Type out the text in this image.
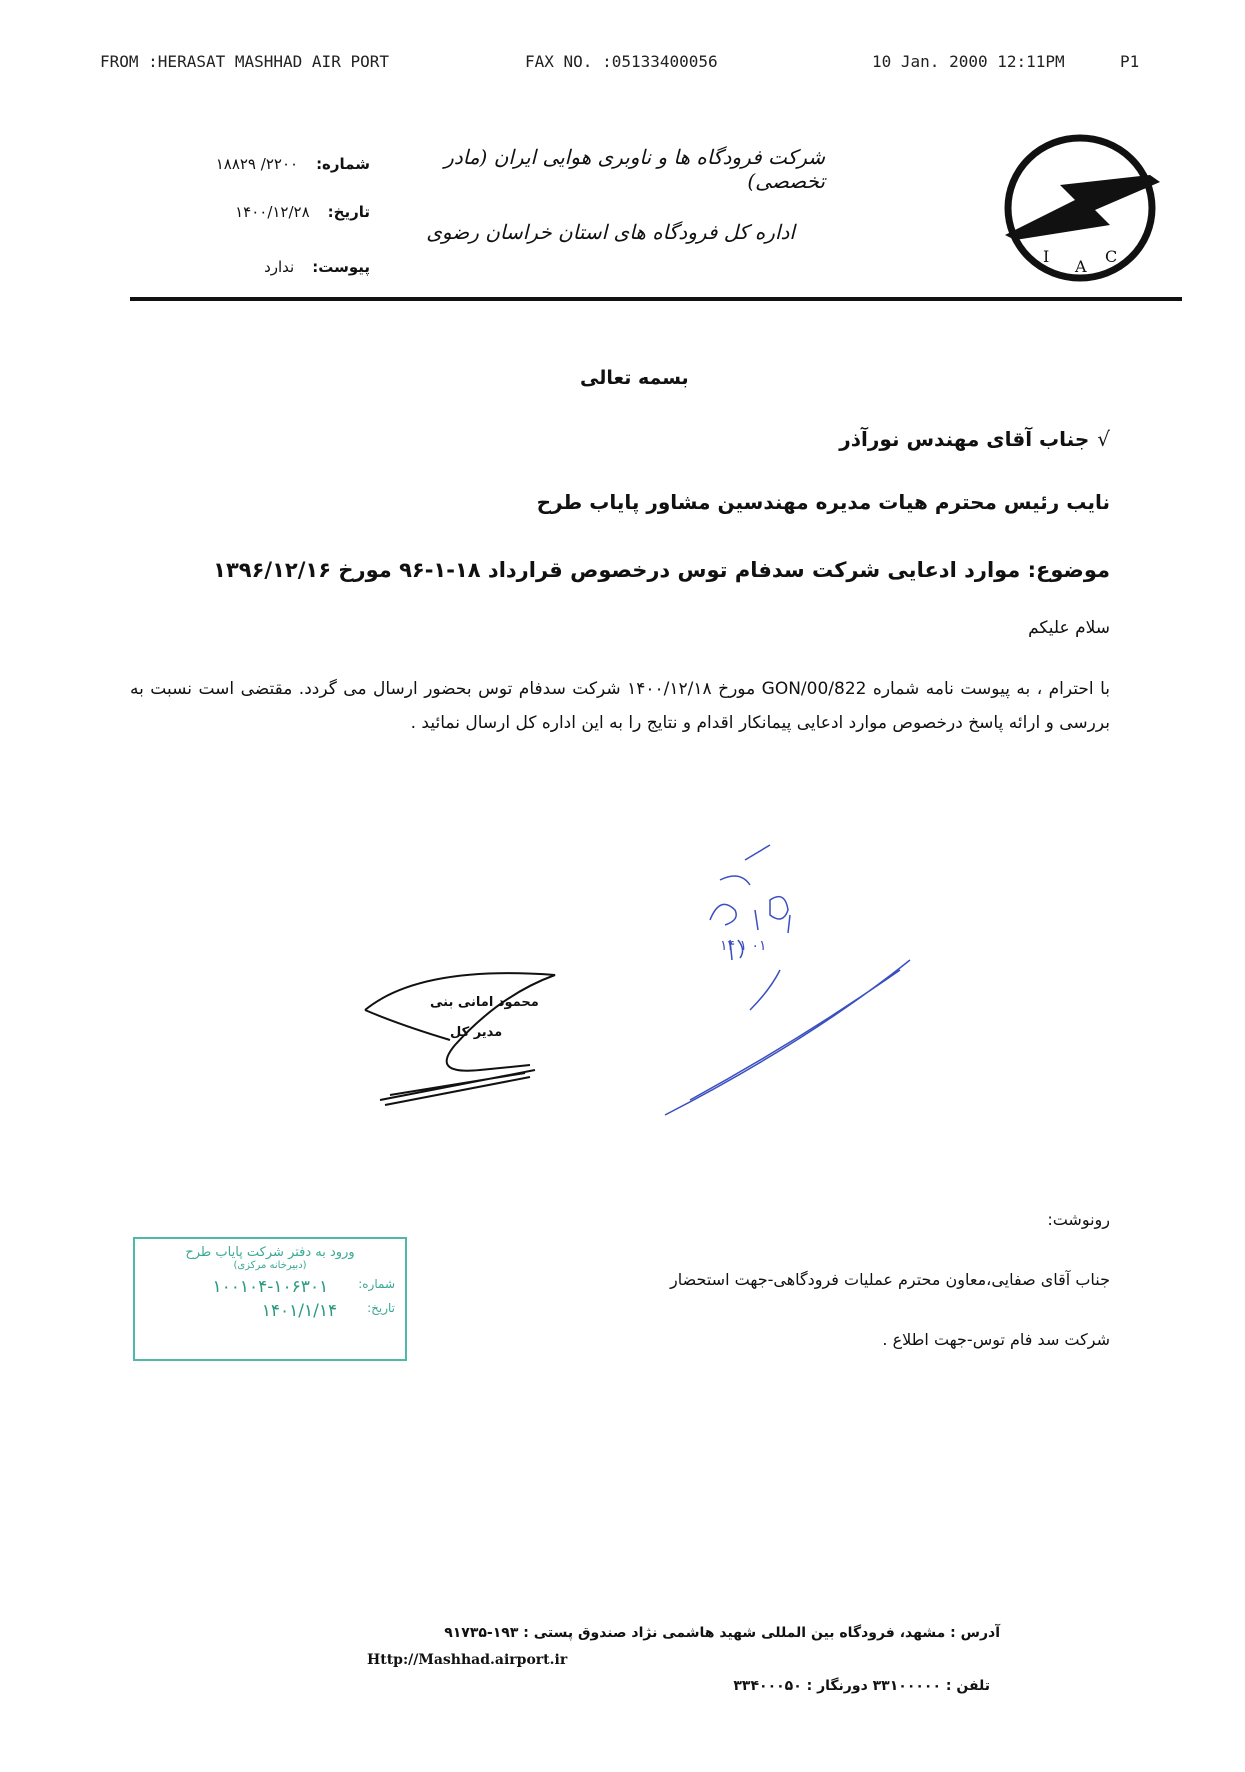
FROM :HERASAT MASHHAD AIR PORT	FAX NO. :05133400056	10 Jan. 2000 12:11PM	P1
I
A
C
شرکت فرودگاه ها و ناوبری هوایی ایران (مادر تخصصی)
اداره کل فرودگاه های استان خراسان رضوی
شماره:
۲۲۰۰/ ۱۸۸۲۹
تاریخ:
۱۴۰۰/۱۲/۲۸
پیوست:
ندارد
بسمه تعالی
√
جناب آقای مهندس نورآذر
نایب رئیس محترم هیات مدیره مهندسین مشاور پایاب طرح
موضوع: موارد ادعایی شرکت سدفام توس درخصوص قرارداد ۱۸-۱-۹۶ مورخ ۱۳۹۶/۱۲/۱۶
سلام علیکم
با احترام ، به پیوست نامه شماره GON/00/822 مورخ ۱۴۰۰/۱۲/۱۸ شرکت سدفام توس بحضور ارسال می گردد. مقتضی است نسبت به بررسی و ارائه پاسخ درخصوص موارد ادعایی پیمانکار اقدام و نتایج را به این اداره کل ارسال نمائید .
۱۴ ۱ ۰۱
محمود امانی بنی
مدیر کل
رونوشت:
جناب آقای صفایی،معاون محترم عملیات فرودگاهی-جهت استحضار
شرکت سد فام توس-جهت اطلاع .
ورود به دفتر شرکت پایاب طرح
(دبیرخانه مرکزی)
شماره:
۱۰۰۱۰۴-۱۰۶۳۰۱
تاریخ:
۱۴۰۱/۱/۱۴
آدرس : مشهد، فرودگاه بین المللی شهید هاشمی نژاد صندوق پستی : ۱۹۳-۹۱۷۳۵
Http://Mashhad.airport.ir
تلفن : ۳۳۱۰۰۰۰۰ دورنگار : ۳۳۴۰۰۰۵۰
